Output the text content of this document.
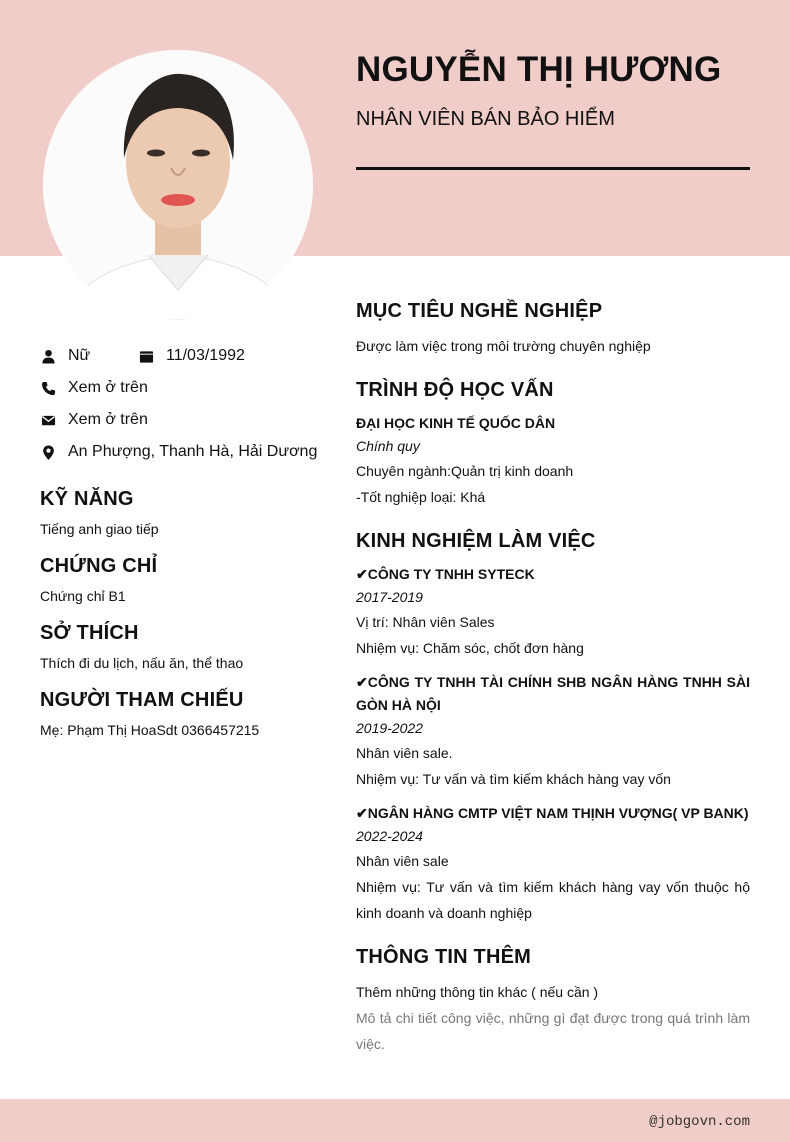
NGUYỄN THỊ HƯƠNG
NHÂN VIÊN BÁN BẢO HIỂM
Nữ	11/03/1992
Xem ở trên
Xem ở trên
An Phượng, Thanh Hà, Hải Dương
KỸ NĂNG
Tiếng anh giao tiếp
CHỨNG CHỈ
Chứng chỉ B1
SỞ THÍCH
Thích đi du lịch, nấu ăn, thể thao
NGƯỜI THAM CHIẾU
Mẹ: Phạm Thị HoaSdt 0366457215
MỤC TIÊU NGHỀ NGHIỆP
Được làm việc trong môi trường chuyên nghiệp
TRÌNH ĐỘ HỌC VẤN
ĐẠI HỌC KINH TẾ QUỐC DÂN
Chính quy
Chuyên ngành:Quản trị kinh doanh
-Tốt nghiệp loại: Khá
KINH NGHIỆM LÀM VIỆC
✔CÔNG TY TNHH SYTECK
2017-2019
Vị trí: Nhân viên Sales
Nhiệm vụ: Chăm sóc, chốt đơn hàng
✔CÔNG TY TNHH TÀI CHÍNH SHB NGÂN HÀNG TNHH SÀI GÒN HÀ NỘI
2019-2022
Nhân viên sale.
Nhiệm vụ: Tư vấn và tìm kiếm khách hàng vay vốn
✔NGÂN HÀNG CMTP VIỆT NAM THỊNH VƯỢNG( VP BANK)
2022-2024
Nhân viên sale
Nhiệm vụ: Tư vấn và tìm kiếm khách hàng vay vốn thuộc hộ kinh doanh và doanh nghiệp
THÔNG TIN THÊM
Thêm những thông tin khác ( nếu cần )
Mô tả chi tiết công việc, những gì đạt được trong quá trình làm việc.
@jobgovn.com
